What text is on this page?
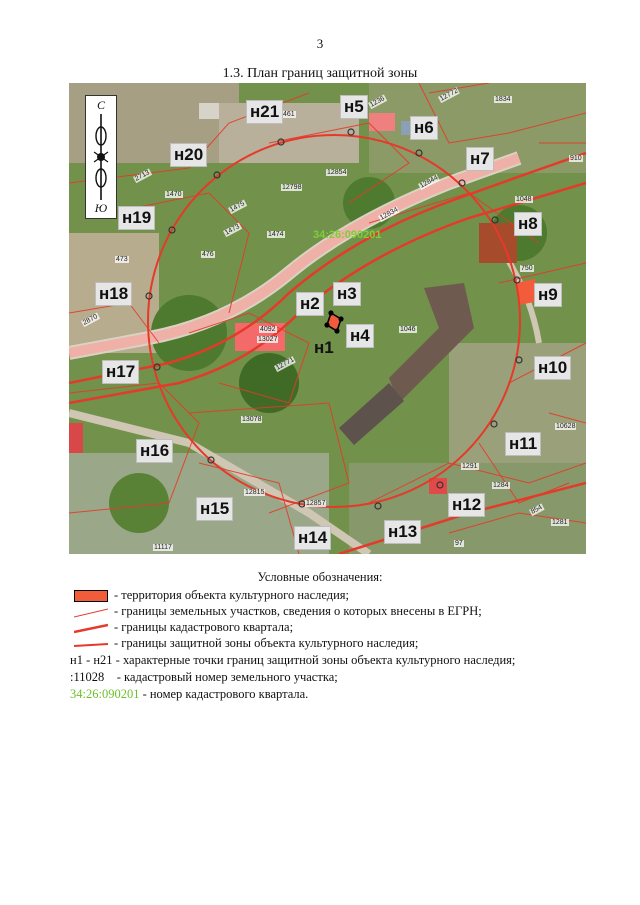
3
1.3. План границ защитной зоны
С
Ю
34:26:090201
1834
12772
910
1048
750
1046
4092
13027
12771
13078
12834
12854
12798
1475
1474
1473
1470
2713
473
476
2870
1291
1284
12815
854
1281
11117
97
12857
10628
461
1236
12844
н21	н5
н6
н7
н8
н9
н10
н11
н12
н13
н14
н15
н16
н17
н18
н19
н20
н2
н3
н1
н4
Условные обозначения:
- территория объекта культурного наследия;
- границы земельных участков, сведения о которых внесены в ЕГРН;
- границы кадастрового квартала;
- границы защитной зоны объекта культурного наследия;
н1 - н21 - характерные точки границ защитной зоны объекта культурного наследия;
:11028 - кадастровый номер земельного участка;
34:26:090201 - номер кадастрового квартала.
